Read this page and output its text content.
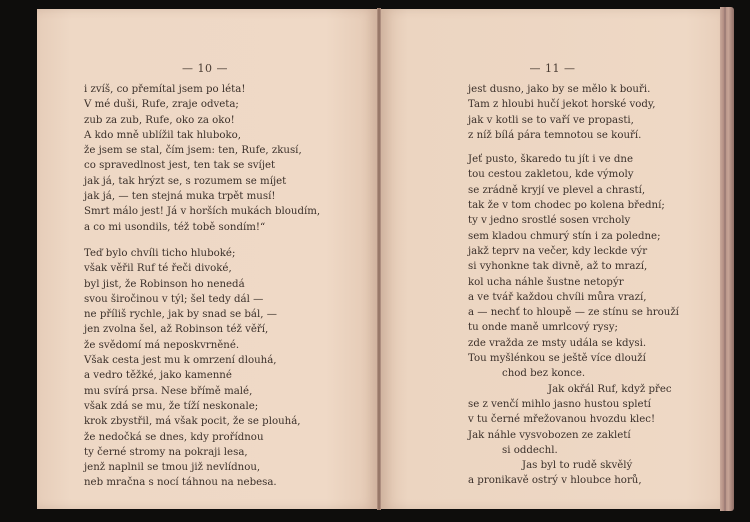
— 10 —
i zvíš, co přemítal jsem po léta!
V mé duši, Rufe, zraje odveta;
zub za zub, Rufe, oko za oko!
A kdo mně ublížil tak hluboko,
že jsem se stal, čím jsem: ten, Rufe, zkusí,
co spravedlnost jest, ten tak se svíjet
jak já, tak hrýzt se, s rozumem se míjet
jak já, — ten stejná muka trpět musí!
Smrt málo jest! Já v horších mukách bloudím,
a co mi usondils, též tobě sondím!“
Teď bylo chvíli ticho hluboké;
však věřil Ruf té řeči divoké,
byl jist, že Robinson ho nenedá
svou širočinou v týl; šel tedy dál —
ne příliš rychle, jak by snad se bál, —
jen zvolna šel, až Robinson též věří,
že svědomí má neposkvrněné.
Však cesta jest mu k omrzení dlouhá,
a vedro těžké, jako kamenné
mu svírá prsa. Nese břímě malé,
však zdá se mu, že tíží neskonale;
krok zbystřil, má však pocit, že se plouhá,
že nedočká se dnes, kdy prořídnou
ty černé stromy na pokraji lesa,
jenž naplnil se tmou již nevlídnou,
neb mračna s nocí táhnou na nebesa.
— 11 —
jest dusno, jako by se mělo k bouři.
Tam z hloubi hučí jekot horské vody,
jak v kotli se to vaří ve propasti,
z níž bílá pára temnotou se kouří.
Jeť pusto, škaredo tu jít i ve dne
tou cestou zakletou, kde výmoly
se zrádně kryjí ve plevel a chrastí,
tak že v tom chodec po kolena břední;
ty v jedno srostlé sosen vrcholy
sem kladou chmurý stín i za poledne;
jakž teprv na večer, kdy leckde výr
si vyhonkne tak divně, až to mrazí,
kol ucha náhle šustne netopýr
a ve tvář každou chvíli můra vrazí,
a — nechť to hloupě — ze stínu se hrouží
tu onde maně umrlcový rysy;
zde vražda ze msty udála se kdysi.
Tou myšlénkou se ještě více dlouží
chod bez konce.
Jak okřál Ruf, když přec
se z venčí mihlo jasno hustou spletí
v tu černé mřežovanou hvozdu klec!
Jak náhle vysvobozen ze zakletí
si oddechl.
Jas byl to rudě skvělý
a pronikavě ostrý v hloubce horů,
